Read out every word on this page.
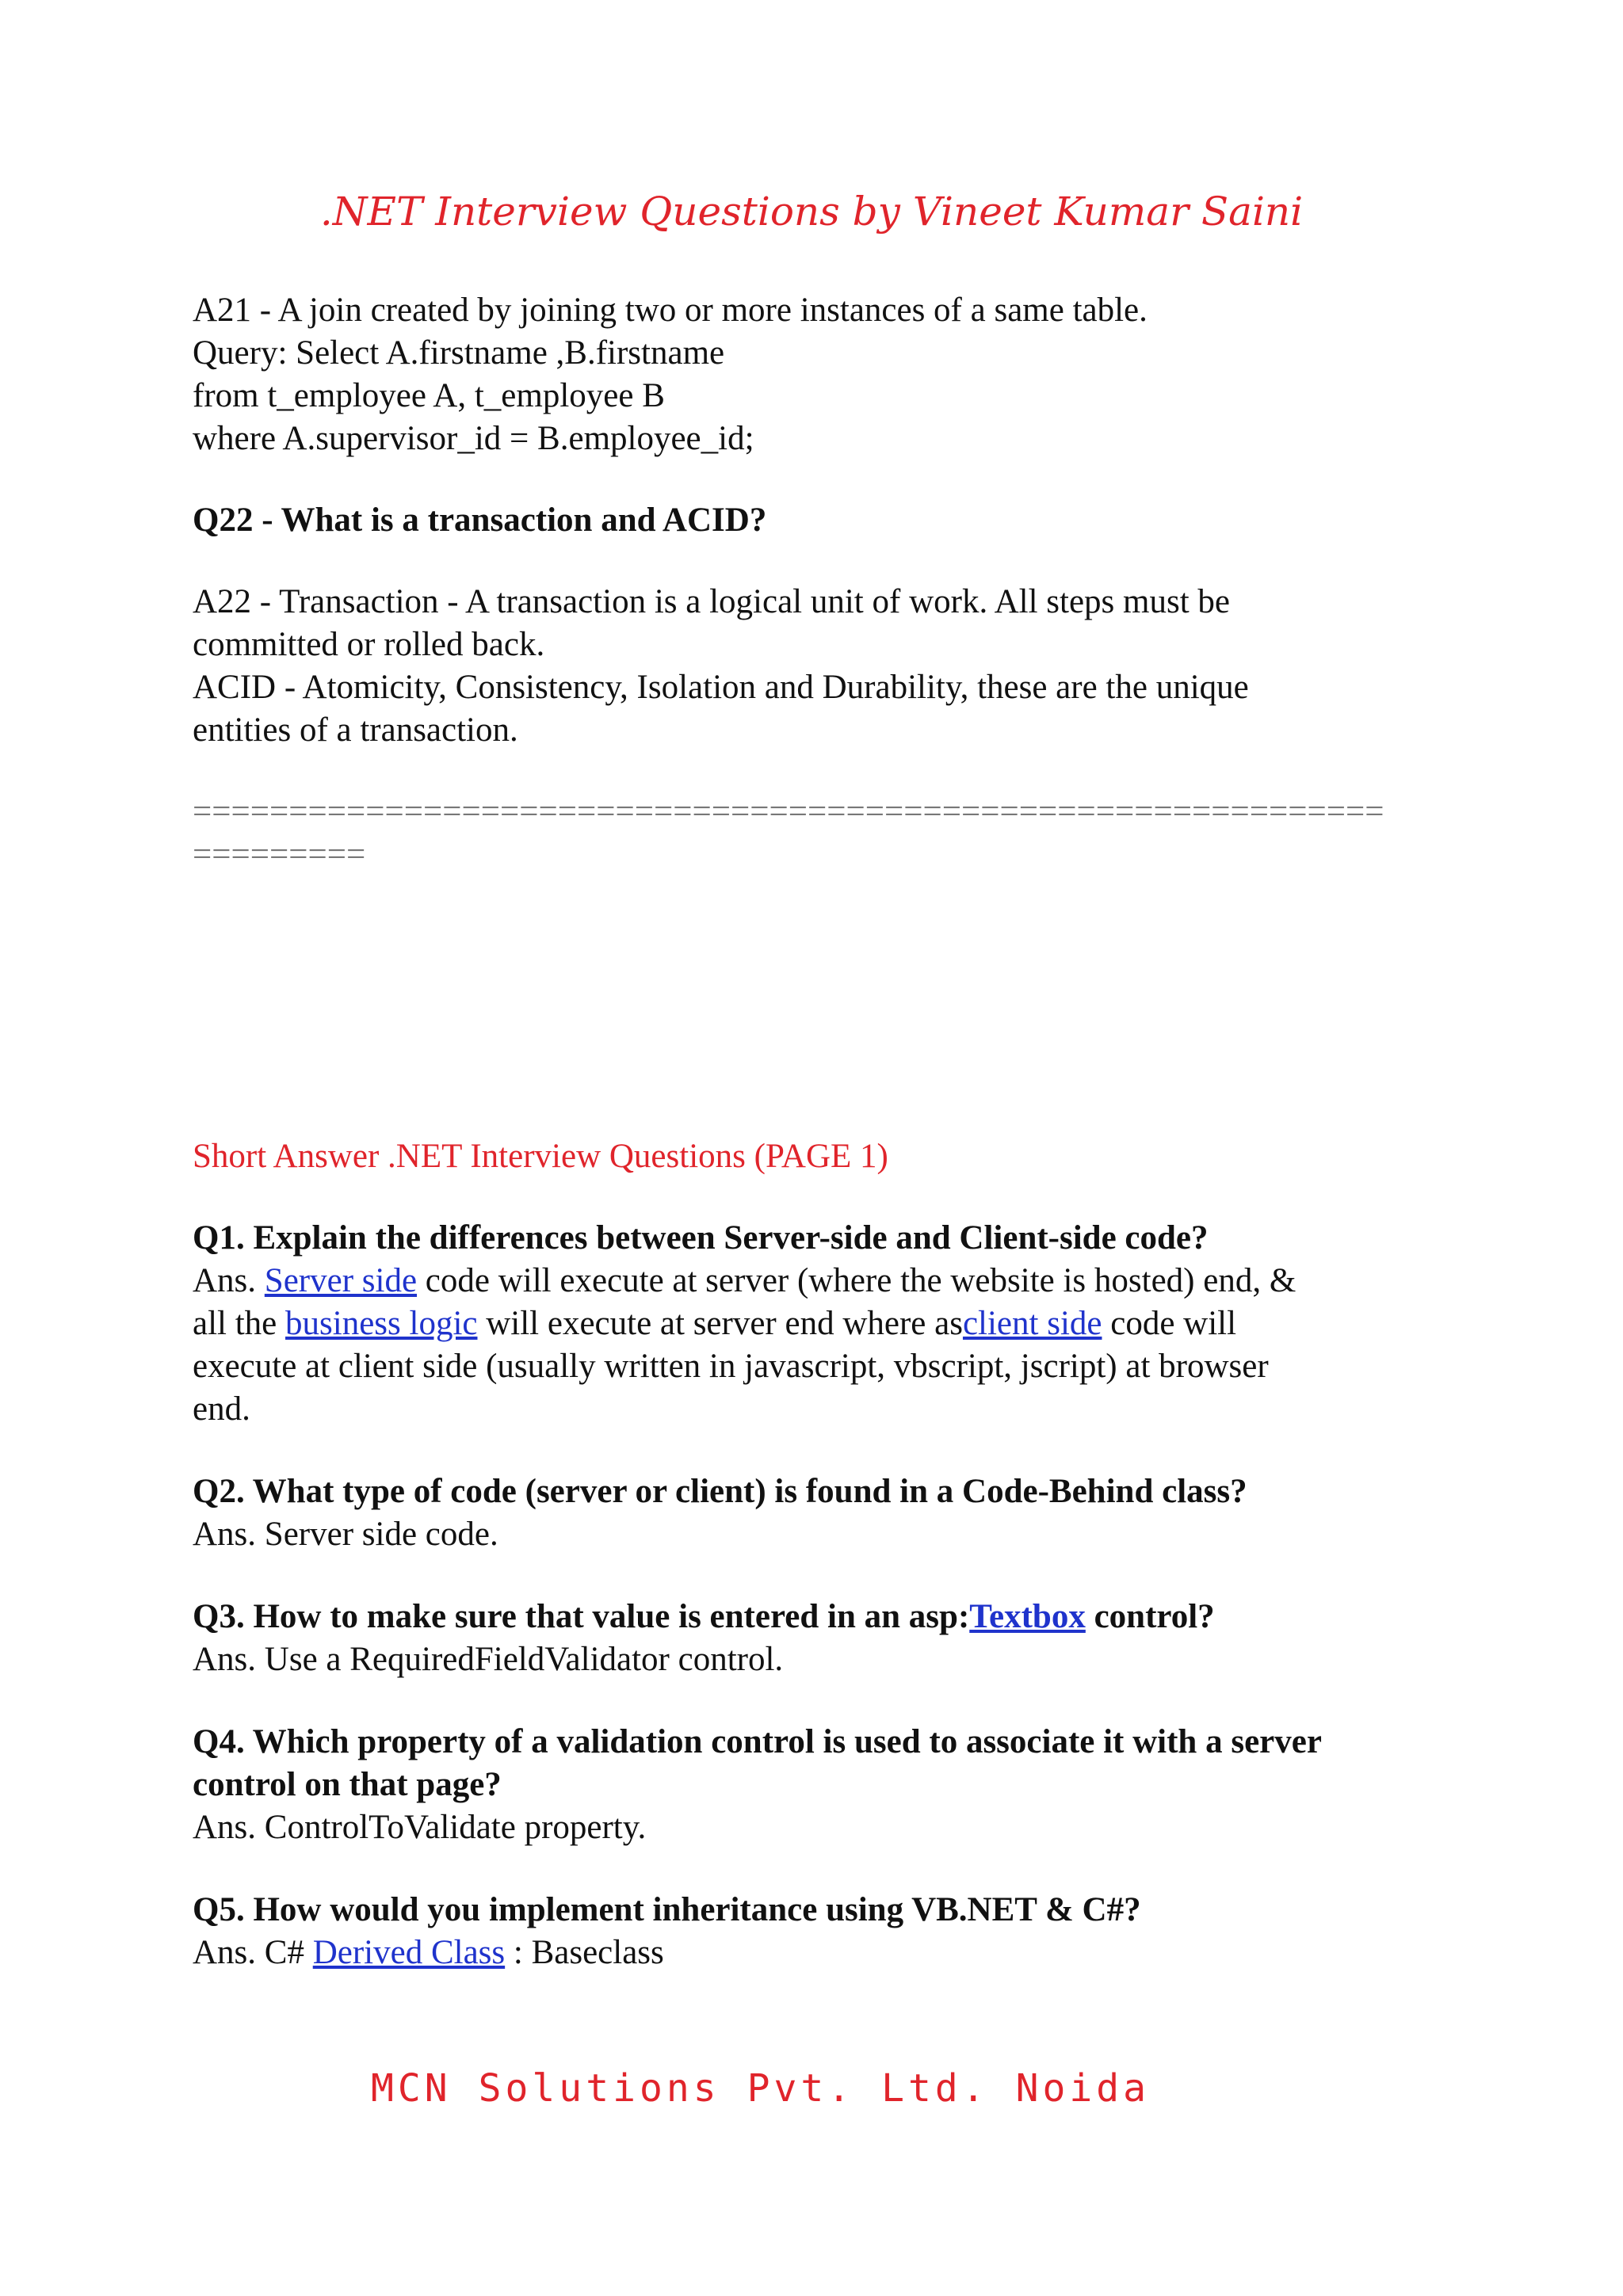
.NET Interview Questions by Vineet Kumar Saini
A21 - A join created by joining two or more instances of a same table.
Query: Select A.firstname ,B.firstname
from t_employee A, t_employee B
where A.supervisor_id = B.employee_id;
Q22 - What is a transaction and ACID?
A22 - Transaction - A transaction is a logical unit of work. All steps must be
committed or rolled back.
ACID - Atomicity, Consistency, Isolation and Durability, these are the unique
entities of a transaction.
==============================================================
=========
Short Answer .NET Interview Questions (PAGE 1)
Q1. Explain the differences between Server-side and Client-side code?
Ans. Server side code will execute at server (where the website is hosted) end, &
all the business logic will execute at server end where asclient side code will
execute at client side (usually written in javascript, vbscript, jscript) at browser
end.
Q2. What type of code (server or client) is found in a Code-Behind class?
Ans. Server side code.
Q3. How to make sure that value is entered in an asp:Textbox control?
Ans. Use a RequiredFieldValidator control.
Q4. Which property of a validation control is used to associate it with a server
control on that page?
Ans. ControlToValidate property.
Q5. How would you implement inheritance using VB.NET & C#?
Ans. C# Derived Class : Baseclass
MCN Solutions Pvt. Ltd. Noida
